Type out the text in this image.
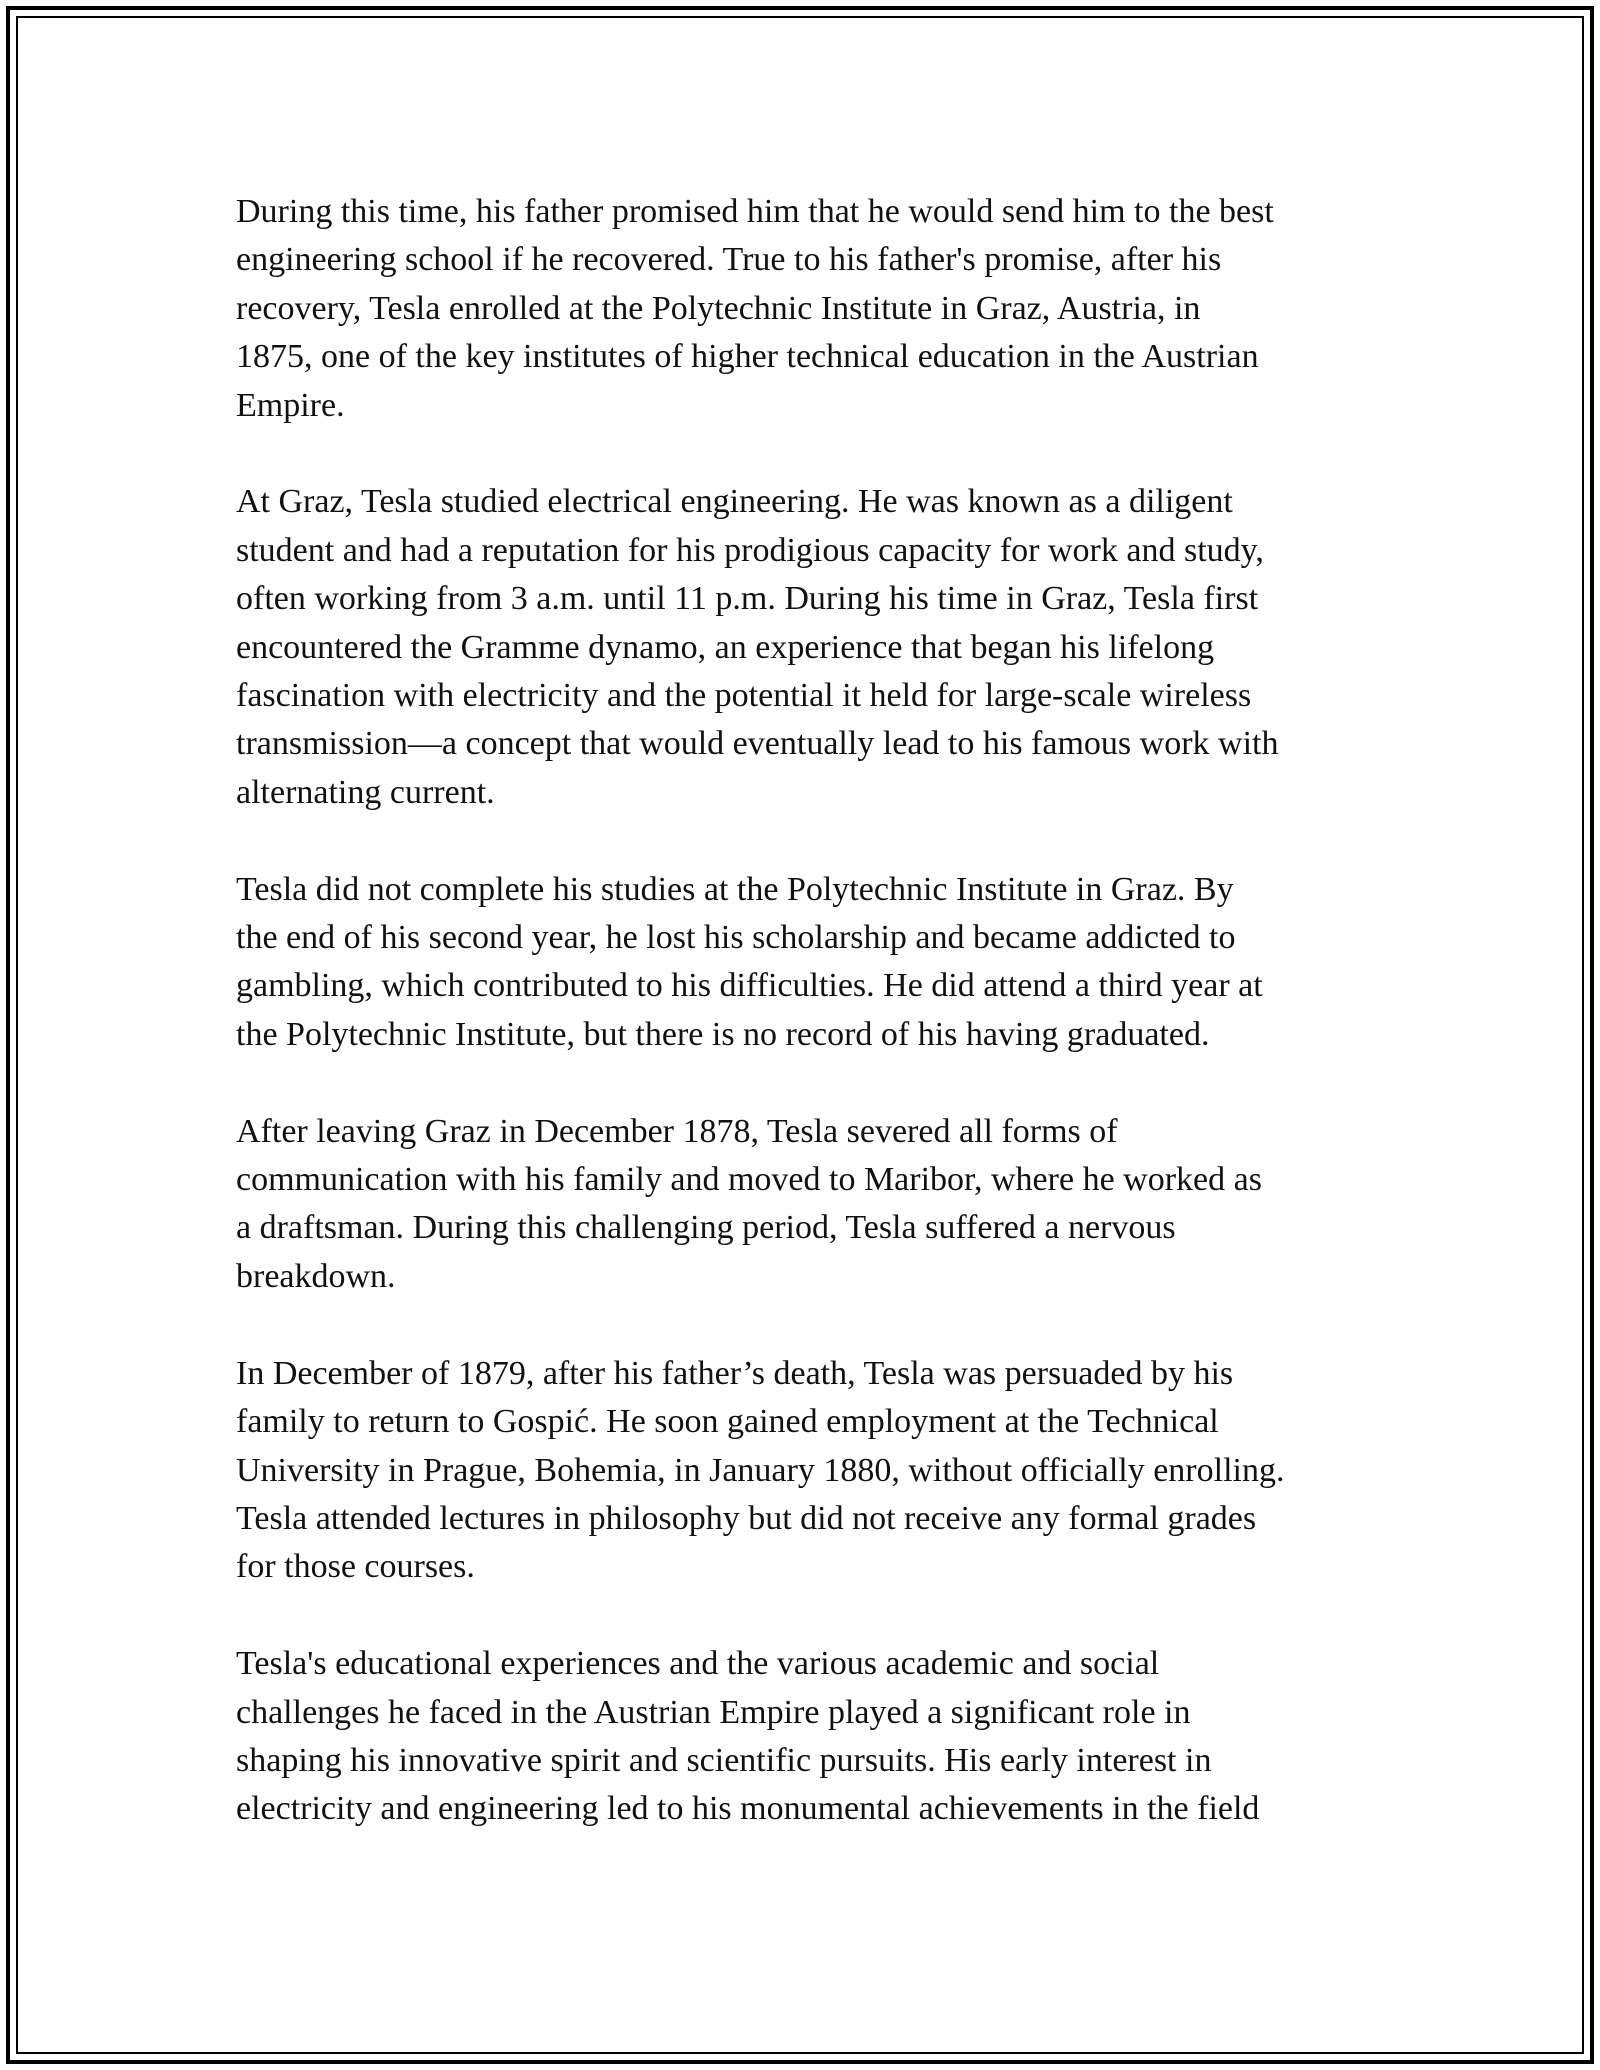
During this time, his father promised him that he would send him to the best
engineering school if he recovered. True to his father's promise, after his
recovery, Tesla enrolled at the Polytechnic Institute in Graz, Austria, in
1875, one of the key institutes of higher technical education in the Austrian
Empire.

At Graz, Tesla studied electrical engineering. He was known as a diligent
student and had a reputation for his prodigious capacity for work and study,
often working from 3 a.m. until 11 p.m. During his time in Graz, Tesla first
encountered the Gramme dynamo, an experience that began his lifelong
fascination with electricity and the potential it held for large-scale wireless
transmission—a concept that would eventually lead to his famous work with
alternating current.

Tesla did not complete his studies at the Polytechnic Institute in Graz. By
the end of his second year, he lost his scholarship and became addicted to
gambling, which contributed to his difficulties. He did attend a third year at
the Polytechnic Institute, but there is no record of his having graduated.

After leaving Graz in December 1878, Tesla severed all forms of
communication with his family and moved to Maribor, where he worked as
a draftsman. During this challenging period, Tesla suffered a nervous
breakdown.

In December of 1879, after his father’s death, Tesla was persuaded by his
family to return to Gospić. He soon gained employment at the Technical
University in Prague, Bohemia, in January 1880, without officially enrolling.
Tesla attended lectures in philosophy but did not receive any formal grades
for those courses.

Tesla's educational experiences and the various academic and social
challenges he faced in the Austrian Empire played a significant role in
shaping his innovative spirit and scientific pursuits. His early interest in
electricity and engineering led to his monumental achievements in the field
